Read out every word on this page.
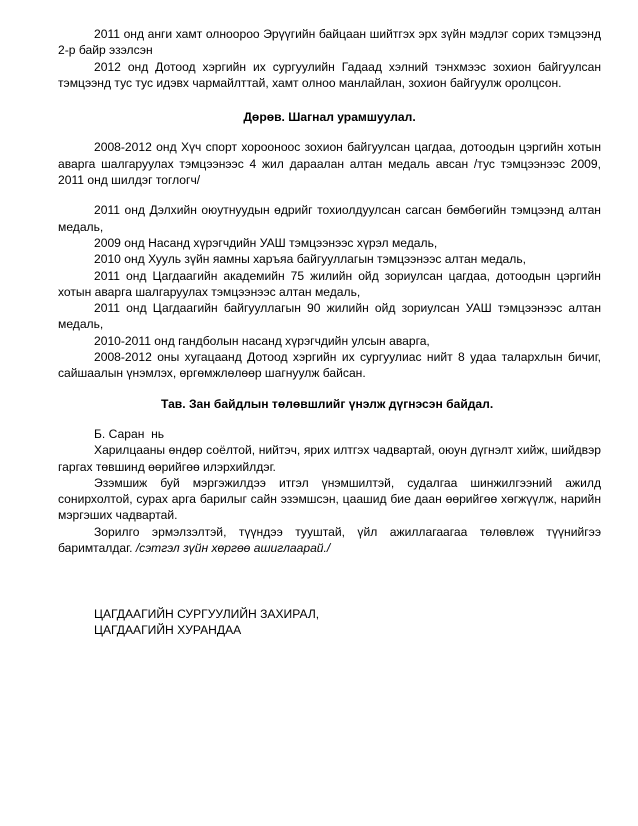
2011 онд анги хамт олноороо Эрүүгийн байцаан шийтгэх эрх зүйн мэдлэг сорих тэмцээнд 2-р байр эзэлсэн

2012 онд Дотоод хэргийн их сургуулийн Гадаад хэлний тэнхмээс зохион байгуулсан тэмцээнд тус тус идэвх чармайлттай, хамт олноо манлайлан, зохион байгуулж оролцсон.

Дөрөв. Шагнал урамшуулал.

2008-2012 онд Хүч спорт хорооноос зохион байгуулсан цагдаа, дотоодын цэргийн хотын аварга шалгаруулах тэмцээнээс 4 жил дараалан алтан медаль авсан /тус тэмцээнээс 2009, 2011 онд шилдэг тоглогч/

2011 онд Дэлхийн оюутнуудын өдрийг тохиолдуулсан сагсан бөмбөгийн тэмцээнд алтан медаль,

2009 онд Насанд хүрэгчдийн УАШ тэмцээнээс хүрэл медаль,

2010 онд Хууль зүйн яамны харъяа байгууллагын тэмцээнээс алтан медаль,

2011 онд Цагдаагийн академийн 75 жилийн ойд зориулсан цагдаа, дотоодын цэргийн хотын аварга шалгаруулах тэмцээнээс алтан медаль,

2011 онд Цагдаагийн байгууллагын 90 жилийн ойд зориулсан УАШ тэмцээнээс алтан медаль,

2010-2011 онд гандболын насанд хүрэгчдийн улсын аварга,

2008-2012 оны хугацаанд Дотоод хэргийн их сургуулиас нийт 8 удаа талархлын бичиг, сайшаалын үнэмлэх, өргөмжлөлөөр шагнуулж байсан.

Тав. Зан байдлын төлөвшлийг үнэлж дүгнэсэн байдал.

Б. Саран  нь

Харилцааны өндөр соёлтой, нийтэч, ярих илтгэх чадвартай, оюун дүгнэлт хийж, шийдвэр гаргах төвшинд өөрийгөө илэрхийлдэг.

Эзэмшиж буй мэргэжилдээ итгэл үнэмшилтэй, судалгаа шинжилгээний ажилд сонирхолтой, сурах арга барилыг сайн эзэмшсэн, цаашид бие даан өөрийгөө хөгжүүлж, нарийн мэргэших чадвартай.

Зорилго эрмэлзэлтэй, түүндээ тууштай, үйл ажиллагаагаа төлөвлөж түүнийгээ баримталдаг. /сэтгэл зүйн хөргөө ашиглаарай./

ЦАГДААГИЙН СУРГУУЛИЙН ЗАХИРАЛ,
ЦАГДААГИЙН ХУРАНДАА
